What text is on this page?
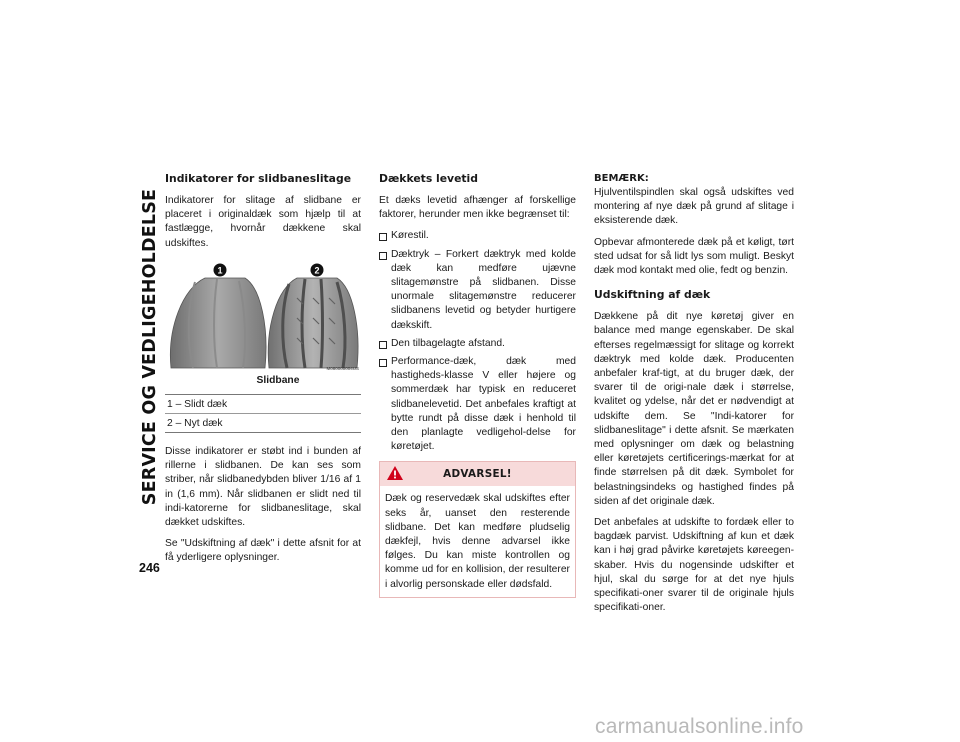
SERVICE OG VEDLIGEHOLDELSE
246
Indikatorer for slidbaneslitage

Indikatorer for slitage af slidbane er placeret i originaldæk som hjælp til at fastlægge, hvornår dækkene skal udskiftes.

1	2
M080000004US
Slidbane
1 – Slidt dæk
2 – Nyt dæk

Disse indikatorer er støbt ind i bunden af rillerne i slidbanen. De kan ses som striber, når slidbanedybden bliver 1/16 af 1 in (1,6 mm). Når slidbanen er slidt ned til indi-katorerne for slidbaneslitage, skal dækket udskiftes.

Se "Udskiftning af dæk" i dette afsnit for at få yderligere oplysninger.

Dækkets levetid

Et dæks levetid afhænger af forskellige faktorer, herunder men ikke begrænset til:

Kørestil.
Dæktryk – Forkert dæktryk med kolde dæk kan medføre ujævne slitagemønstre på slidbanen. Disse unormale slitagemønstre reducerer slidbanens levetid og betyder hurtigere dækskift.
Den tilbagelagte afstand.
Performance-dæk, dæk med hastigheds-klasse V eller højere og sommerdæk har typisk en reduceret slidbanelevetid. Det anbefales kraftigt at bytte rundt på disse dæk i henhold til den planlagte vedligehol-delse for køretøjet.
ADVARSEL!
Dæk og reservedæk skal udskiftes efter seks år, uanset den resterende slidbane. Det kan medføre pludselig dækfejl, hvis denne advarsel ikke følges. Du kan miste kontrollen og komme ud for en kollision, der resulterer i alvorlig personskade eller dødsfald.
BEMÆRK:

Hjulventilspindlen skal også udskiftes ved montering af nye dæk på grund af slitage i eksisterende dæk.

Opbevar afmonterede dæk på et køligt, tørt sted udsat for så lidt lys som muligt. Beskyt dæk mod kontakt med olie, fedt og benzin.

Udskiftning af dæk

Dækkene på dit nye køretøj giver en balance med mange egenskaber. De skal efterses regelmæssigt for slitage og korrekt dæktryk med kolde dæk. Producenten anbefaler kraf-tigt, at du bruger dæk, der svarer til de origi-nale dæk i størrelse, kvalitet og ydelse, når det er nødvendigt at udskifte dem. Se "Indi-katorer for slidbaneslitage" i dette afsnit. Se mærkaten med oplysninger om dæk og belastning eller køretøjets certificerings-mærkat for at finde størrelsen på dit dæk. Symbolet for belastningsindeks og hastighed findes på siden af det originale dæk.

Det anbefales at udskifte to fordæk eller to bagdæk parvist. Udskiftning af kun et dæk kan i høj grad påvirke køretøjets køreegen-skaber. Hvis du nogensinde udskifter et hjul, skal du sørge for at det nye hjuls specifikati-oner svarer til de originale hjuls specifikati-oner.

carmanualsonline.info
